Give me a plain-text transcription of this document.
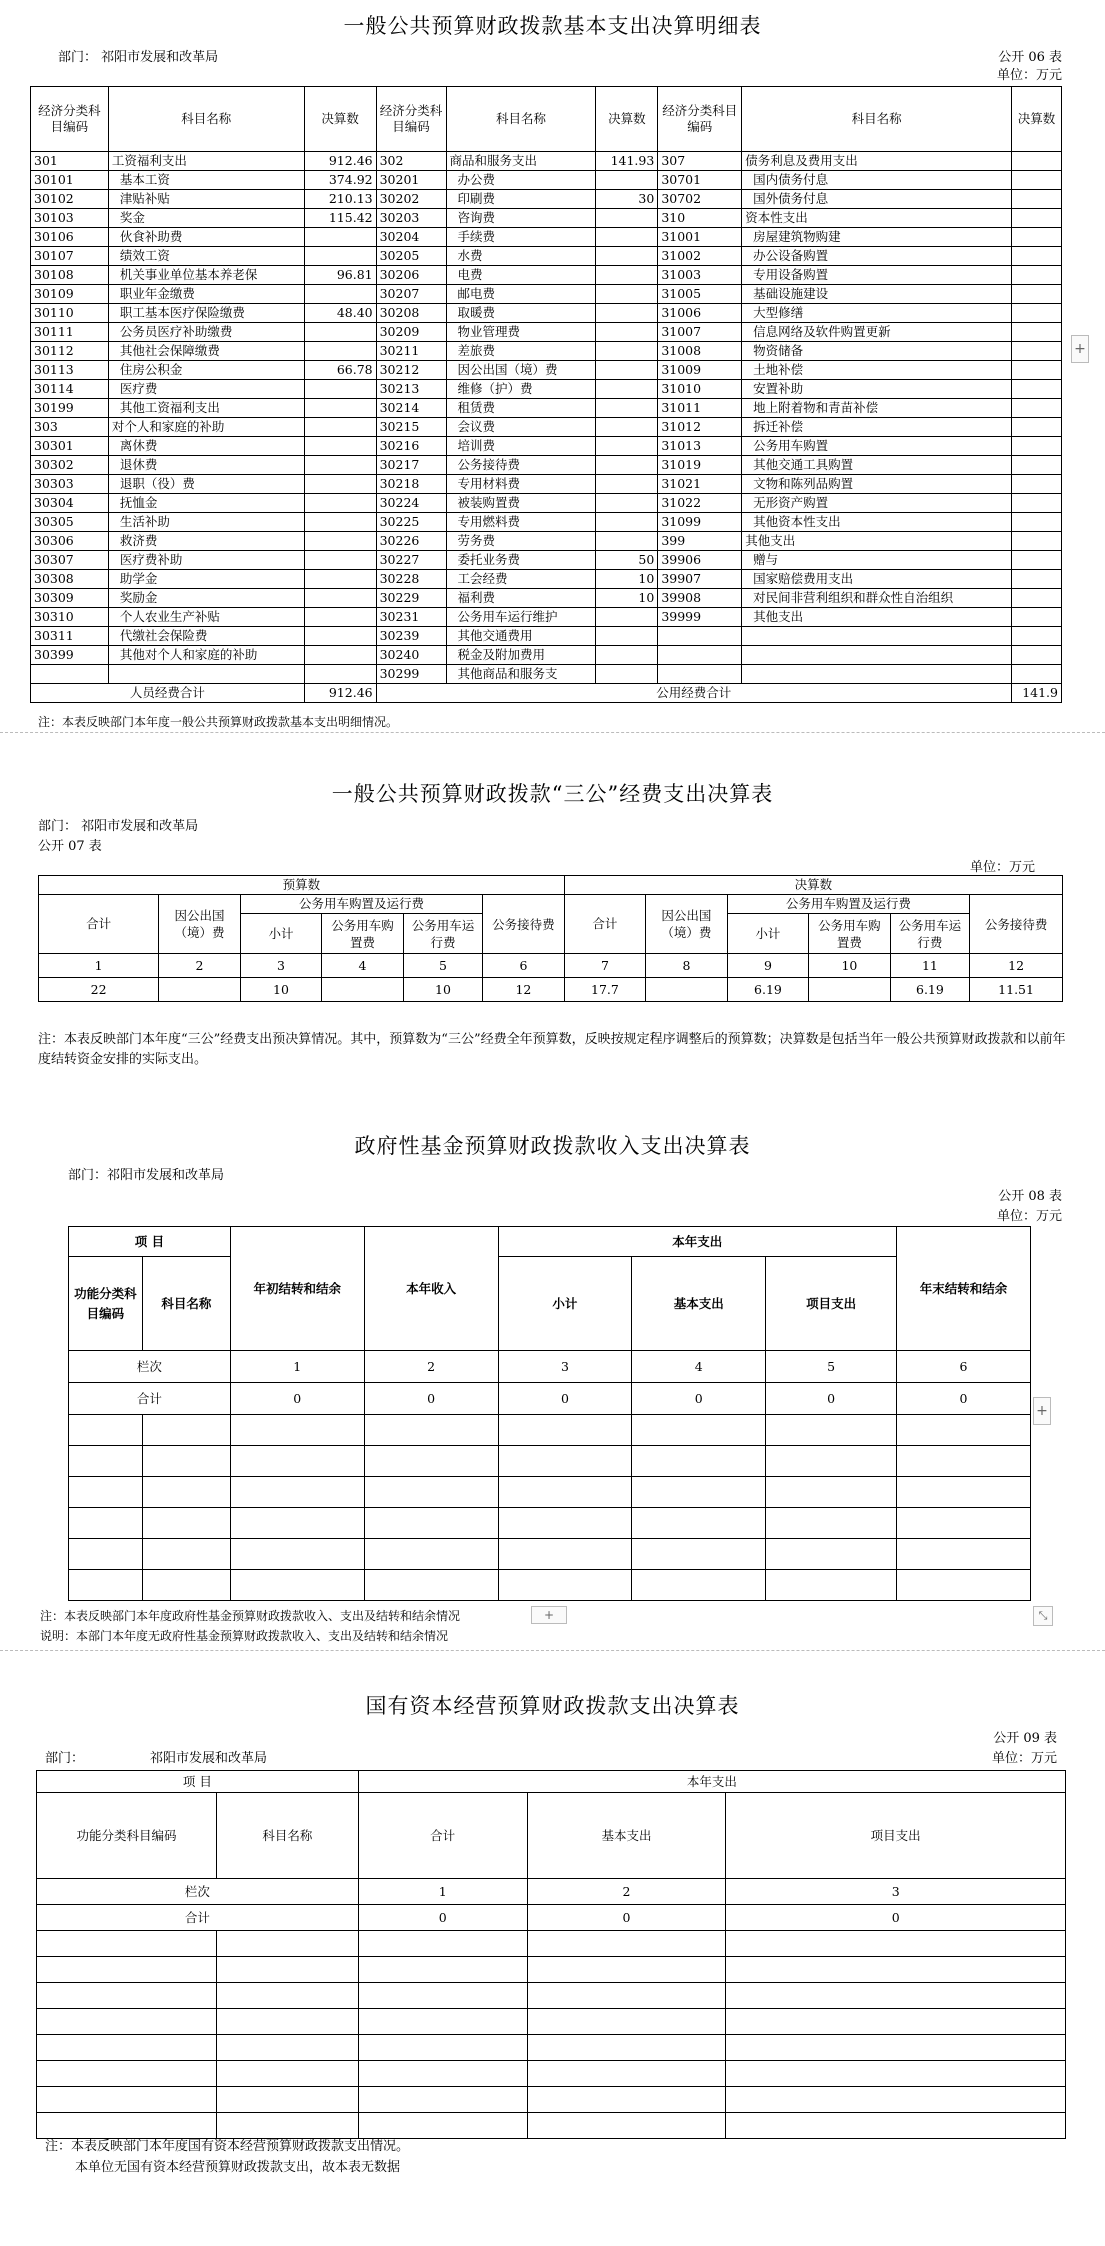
一般公共预算财政拨款基本支出决算明细表
部门： 祁阳市发展和改革局	公开 06 表
单位：万元
经济分类科目编码	科目名称	决算数	经济分类科目编码	科目名称	决算数	经济分类科目编码	科目名称	决算数
301	工资福利支出	912.46	302	商品和服务支出	141.93	307	债务利息及费用支出	
30101	基本工资	374.92	30201	办公费		30701	国内债务付息	
30102	津贴补贴	210.13	30202	印刷费	30	30702	国外债务付息	
30103	奖金	115.42	30203	咨询费		310	资本性支出	
30106	伙食补助费		30204	手续费		31001	房屋建筑物购建	
30107	绩效工资		30205	水费		31002	办公设备购置	
30108	机关事业单位基本养老保	96.81	30206	电费		31003	专用设备购置	
30109	职业年金缴费		30207	邮电费		31005	基础设施建设	
30110	职工基本医疗保险缴费	48.40	30208	取暖费		31006	大型修缮	
30111	公务员医疗补助缴费		30209	物业管理费		31007	信息网络及软件购置更新	
30112	其他社会保障缴费		30211	差旅费		31008	物资储备	
30113	住房公积金	66.78	30212	因公出国（境）费		31009	土地补偿	
30114	医疗费		30213	维修（护）费		31010	安置补助	
30199	其他工资福利支出		30214	租赁费		31011	地上附着物和青苗补偿	
303	对个人和家庭的补助		30215	会议费		31012	拆迁补偿	
30301	离休费		30216	培训费		31013	公务用车购置	
30302	退休费		30217	公务接待费		31019	其他交通工具购置	
30303	退职（役）费		30218	专用材料费		31021	文物和陈列品购置	
30304	抚恤金		30224	被装购置费		31022	无形资产购置	
30305	生活补助		30225	专用燃料费		31099	其他资本性支出	
30306	救济费		30226	劳务费		399	其他支出	
30307	医疗费补助		30227	委托业务费	50	39906	赠与	
30308	助学金		30228	工会经费	10	39907	国家赔偿费用支出	
30309	奖励金		30229	福利费	10	39908	对民间非营利组织和群众性自治组织	
30310	个人农业生产补贴		30231	公务用车运行维护		39999	其他支出	
30311	代缴社会保险费		30239	其他交通费用				
30399	其他对个人和家庭的补助		30240	税金及附加费用				
			30299	其他商品和服务支				
人员经费合计		912.46	公用经费合计					141.9
注：本表反映部门本年度一般公共预算财政拨款基本支出明细情况。
+
一般公共预算财政拨款“三公”经费支出决算表
部门： 祁阳市发展和改革局
公开 07 表
单位：万元
预算数						决算数					
合计	因公出国（境）费	公务用车购置及运行费			公务接待费	合计	因公出国（境）费	公务用车购置及运行费			公务接待费
		小计	公务用车购置费	公务用车运行费				小计	公务用车购置费	公务用车运行费	
1	2	3	4	5	6	7	8	9	10	11	12
22		10		10	12	17.7		6.19		6.19	11.51
注：本表反映部门本年度“三公”经费支出预决算情况。其中，预算数为“三公”经费全年预算数，反映按规定程序调整后的预算数；决算数是包括当年一般公共预算财政拨款和以前年度结转资金安排的实际支出。
政府性基金预算财政拨款收入支出决算表
部门：祁阳市发展和改革局
公开 08 表
单位：万元
项 目		年初结转和结余	本年收入	本年支出			年末结转和结余
功能分类科目编码	科目名称			小计	基本支出	项目支出	
栏次		1	2	3	4	5	6
合计		0	0	0	0	0	0

+
注：本表反映部门本年度政府性基金预算财政拨款收入、支出及结转和结余情况	+	⤡
说明：本部门本年度无政府性基金预算财政拨款收入、支出及结转和结余情况
国有资本经营预算财政拨款支出决算表
公开 09 表
部门：	祁阳市发展和改革局	单位：万元
项 目		本年支出		
功能分类科目编码	科目名称	合计	基本支出	项目支出
栏次		1	2	3
合计		0	0	0

注：本表反映部门本年度国有资本经营预算财政拨款支出情况。
本单位无国有资本经营预算财政拨款支出，故本表无数据
